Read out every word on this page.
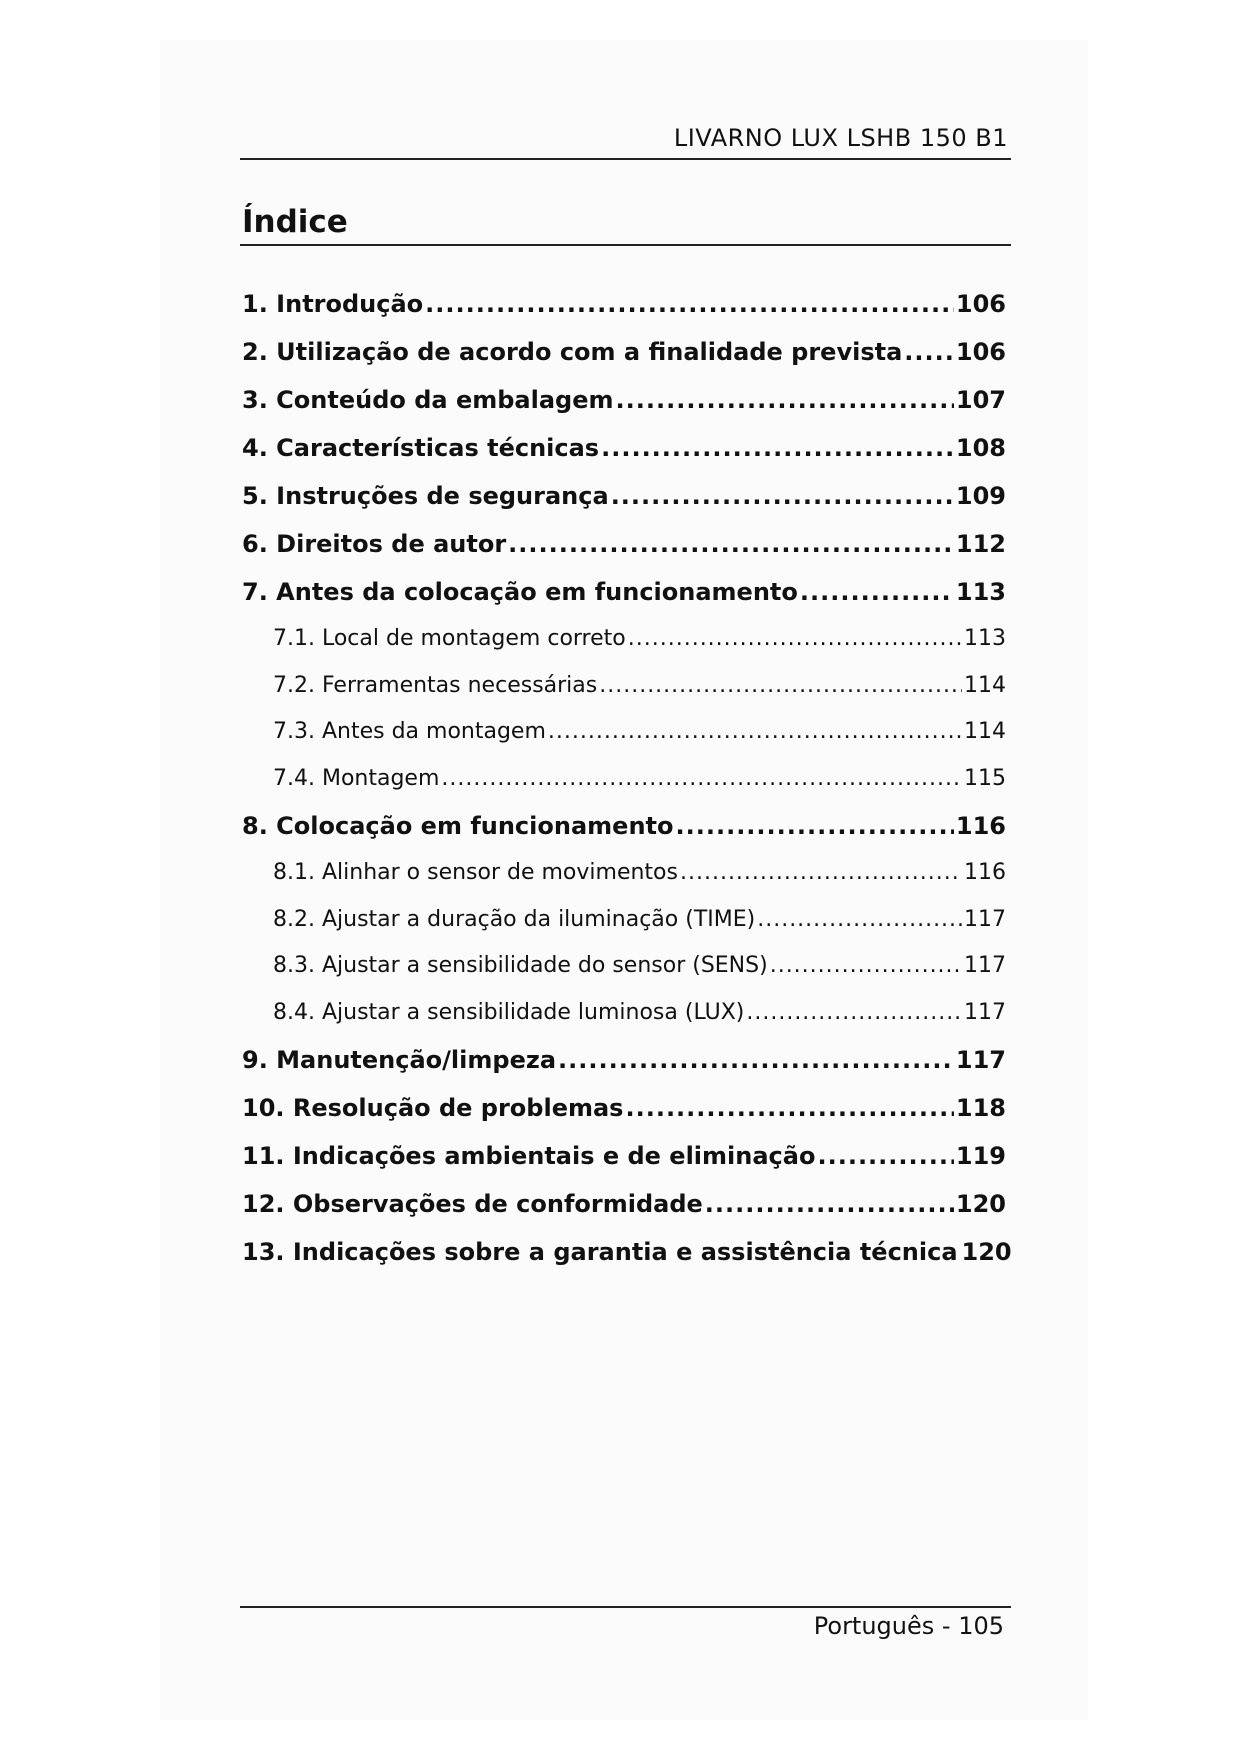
LIVARNO LUX LSHB 150 B1
Índice
1. Introdução .....	106
2. Utilização de acordo com a finalidade prevista ..... 106
3. Conteúdo da embalagem .....	107
4. Características técnicas .....	108
5. Instruções de segurança .....	109
6. Direitos de autor .....	112
7. Antes da colocação em funcionamento .....	113
7.1. Local de montagem correto .....	113
7.2. Ferramentas necessárias .....	114
7.3. Antes da montagem .....	114
7.4. Montagem .....	115
8. Colocação em funcionamento .....	116
8.1. Alinhar o sensor de movimentos .....	116
8.2. Ajustar a duração da iluminação (TIME) .....	117
8.3. Ajustar a sensibilidade do sensor (SENS) .....	117
8.4. Ajustar a sensibilidade luminosa (LUX) .....	117
9. Manutenção/limpeza .....	117
10. Resolução de problemas .....	118
11. Indicações ambientais e de eliminação .....	119
12. Observações de conformidade .....	120
13. Indicações sobre a garantia e assistência técnica 120
Português - 105
